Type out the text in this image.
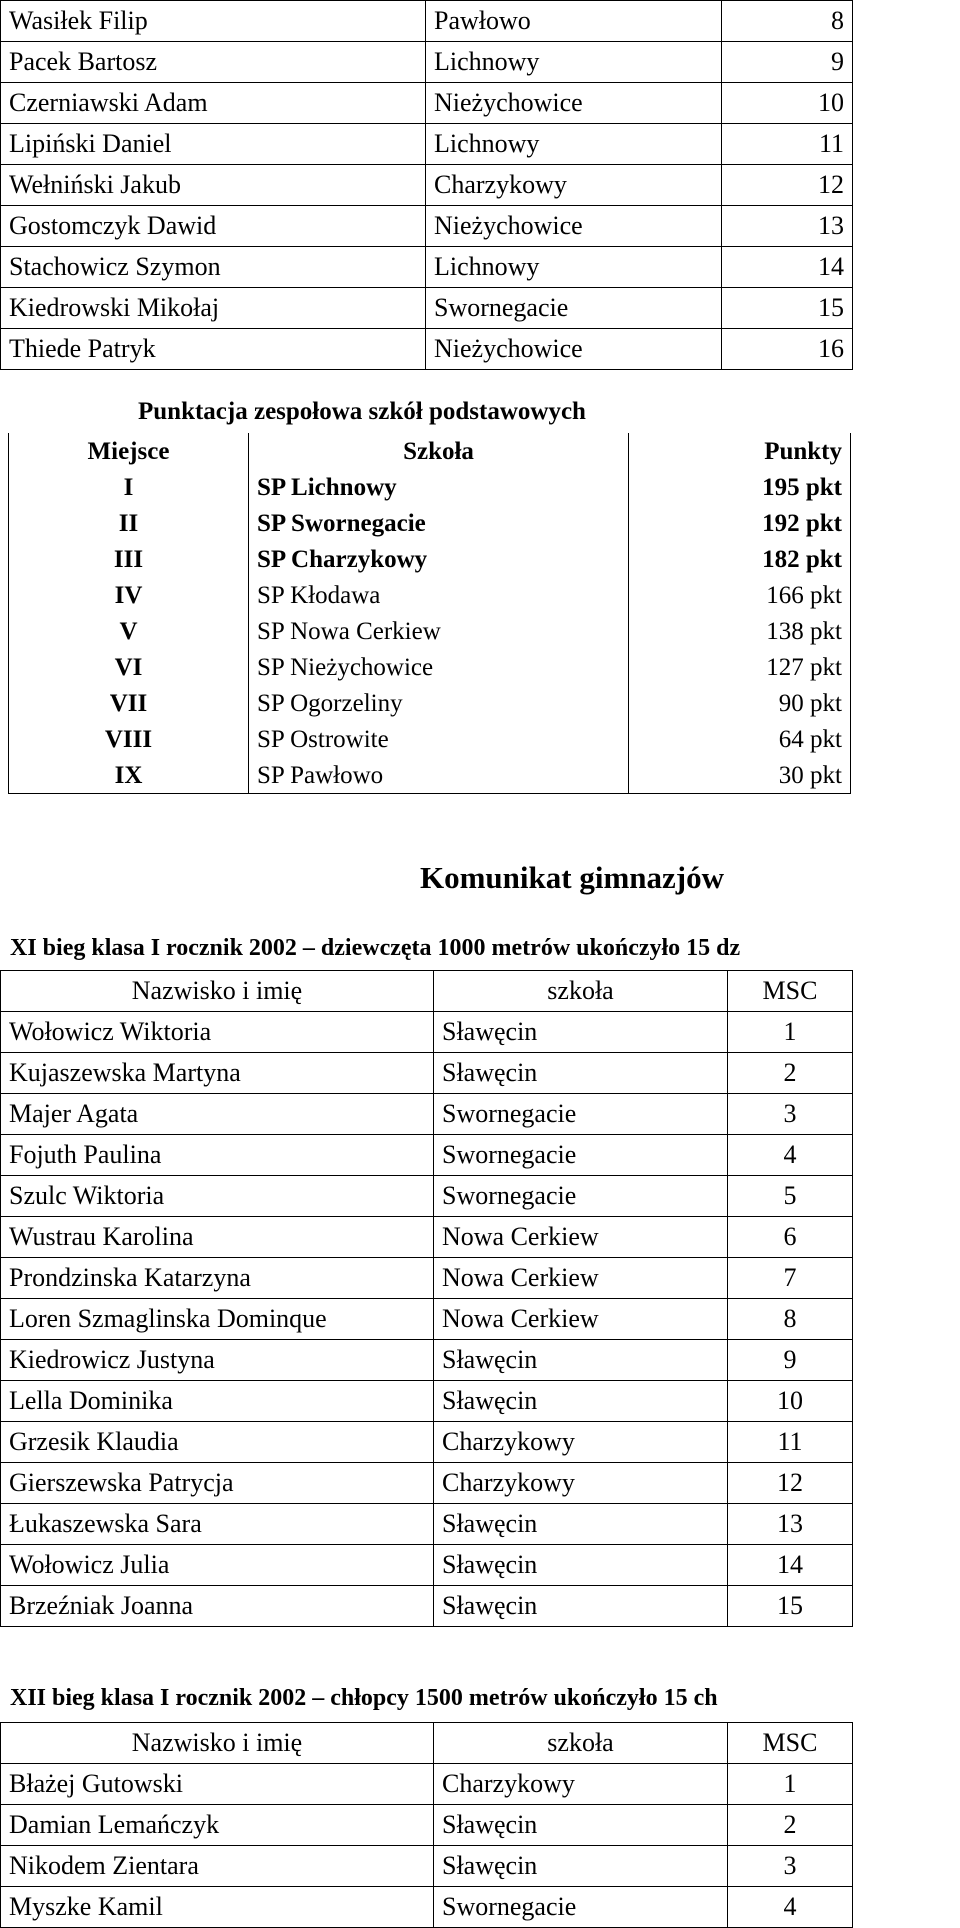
Wasiłek Filip	Pawłowo	8
Pacek Bartosz	Lichnowy	9
Czerniawski Adam	Nieżychowice	10
Lipiński Daniel	Lichnowy	11
Wełniński Jakub	Charzykowy	12
Gostomczyk Dawid	Nieżychowice	13
Stachowicz Szymon	Lichnowy	14
Kiedrowski Mikołaj	Swornegacie	15
Thiede Patryk	Nieżychowice	16
Punktacja zespołowa szkół podstawowych
Miejsce	Szkoła	Punkty
I	SP Lichnowy	195 pkt
II	SP Swornegacie	192 pkt
III	SP Charzykowy	182 pkt
IV	SP Kłodawa	166 pkt
V	SP Nowa Cerkiew	138 pkt
VI	SP Nieżychowice	127 pkt
VII	SP Ogorzeliny	90 pkt
VIII	SP Ostrowite	64 pkt
IX	SP Pawłowo	30 pkt
Komunikat gimnazjów
XI bieg klasa I rocznik 2002 – dziewczęta 1000 metrów ukończyło 15 dz
Nazwisko i imię	szkoła	MSC
Wołowicz Wiktoria	Sławęcin	1
Kujaszewska Martyna	Sławęcin	2
Majer Agata	Swornegacie	3
Fojuth Paulina	Swornegacie	4
Szulc Wiktoria	Swornegacie	5
Wustrau Karolina	Nowa Cerkiew	6
Prondzinska Katarzyna	Nowa Cerkiew	7
Loren Szmaglinska Dominque	Nowa Cerkiew	8
Kiedrowicz Justyna	Sławęcin	9
Lella Dominika	Sławęcin	10
Grzesik Klaudia	Charzykowy	11
Gierszewska Patrycja	Charzykowy	12
Łukaszewska Sara	Sławęcin	13
Wołowicz Julia	Sławęcin	14
Brzeźniak Joanna	Sławęcin	15
XII bieg klasa I rocznik 2002 – chłopcy 1500 metrów ukończyło 15 ch
Nazwisko i imię	szkoła	MSC
Błażej Gutowski	Charzykowy	1
Damian Lemańczyk	Sławęcin	2
Nikodem Zientara	Sławęcin	3
Myszke Kamil	Swornegacie	4
